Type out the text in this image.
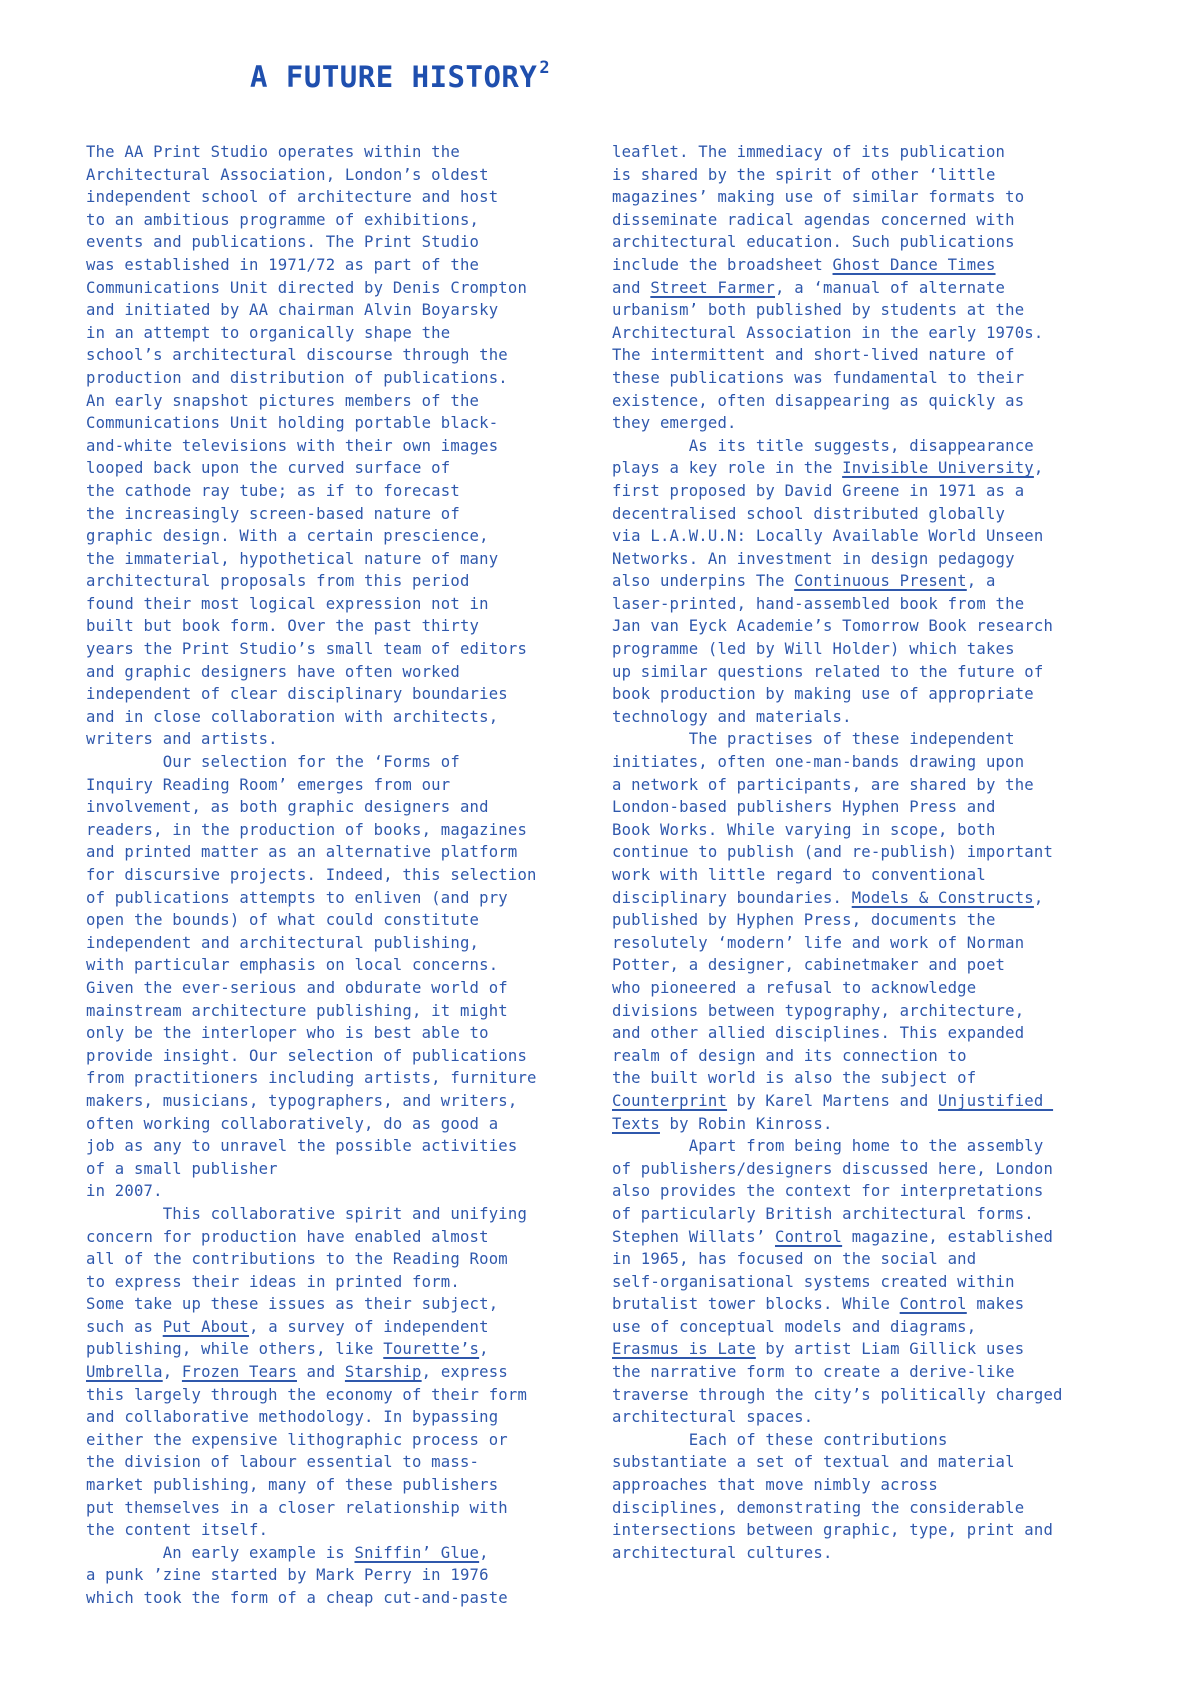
A FUTURE HISTORY $^2$
The AA Print Studio operates within the
Architectural Association, London’s oldest
independent school of architecture and host
to an ambitious programme of exhibitions,
events and publications. The Print Studio
was established in 1971/72 as part of the
Communications Unit directed by Denis Crompton
and initiated by AA chairman Alvin Boyarsky
in an attempt to organically shape the
school’s architectural discourse through the
production and distribution of publications.
An early snapshot pictures members of the
Communications Unit holding portable black-
and-white televisions with their own images
looped back upon the curved surface of
the cathode ray tube; as if to forecast
the increasingly screen-based nature of
graphic design. With a certain prescience,
the immaterial, hypothetical nature of many
architectural proposals from this period
found their most logical expression not in
built but book form. Over the past thirty
years the Print Studio’s small team of editors
and graphic designers have often worked
independent of clear disciplinary boundaries
and in close collaboration with architects,
writers and artists.
Our selection for the ‘Forms of
Inquiry Reading Room’ emerges from our
involvement, as both graphic designers and
readers, in the production of books, magazines
and printed matter as an alternative platform
for discursive projects. Indeed, this selection
of publications attempts to enliven (and pry
open the bounds) of what could constitute
independent and architectural publishing,
with particular emphasis on local concerns.
Given the ever-serious and obdurate world of
mainstream architecture publishing, it might
only be the interloper who is best able to
provide insight. Our selection of publications
from practitioners including artists, furniture
makers, musicians, typographers, and writers,
often working collaboratively, do as good a
job as any to unravel the possible activities
of a small publisher
in 2007.
This collaborative spirit and unifying
concern for production have enabled almost
all of the contributions to the Reading Room
to express their ideas in printed form.
Some take up these issues as their subject,
such as Put About, a survey of independent
publishing, while others, like Tourette’s,
Umbrella, Frozen Tears and Starship, express
this largely through the economy of their form
and collaborative methodology. In bypassing
either the expensive lithographic process or
the division of labour essential to mass-
market publishing, many of these publishers
put themselves in a closer relationship with
the content itself.
An early example is Sniffin’ Glue,
a punk ’zine started by Mark Perry in 1976
which took the form of a cheap cut-and-paste
leaflet. The immediacy of its publication
is shared by the spirit of other ‘little
magazines’ making use of similar formats to
disseminate radical agendas concerned with
architectural education. Such publications
include the broadsheet Ghost Dance Times
and Street Farmer, a ‘manual of alternate
urbanism’ both published by students at the
Architectural Association in the early 1970s.
The intermittent and short-lived nature of
these publications was fundamental to their
existence, often disappearing as quickly as
they emerged.
As its title suggests, disappearance
plays a key role in the Invisible University,
first proposed by David Greene in 1971 as a
decentralised school distributed globally
via L.A.W.U.N: Locally Available World Unseen
Networks. An investment in design pedagogy
also underpins The Continuous Present, a
laser-printed, hand-assembled book from the
Jan van Eyck Academie’s Tomorrow Book research
programme (led by Will Holder) which takes
up similar questions related to the future of
book production by making use of appropriate
technology and materials.
The practises of these independent
initiates, often one-man-bands drawing upon
a network of participants, are shared by the
London-based publishers Hyphen Press and
Book Works. While varying in scope, both
continue to publish (and re-publish) important
work with little regard to conventional
disciplinary boundaries. Models & Constructs,
published by Hyphen Press, documents the
resolutely ‘modern’ life and work of Norman
Potter, a designer, cabinetmaker and poet
who pioneered a refusal to acknowledge
divisions between typography, architecture,
and other allied disciplines. This expanded
realm of design and its connection to
the built world is also the subject of
Counterprint by Karel Martens and Unjustified
Texts by Robin Kinross.
Apart from being home to the assembly
of publishers/designers discussed here, London
also provides the context for interpretations
of particularly British architectural forms.
Stephen Willats’ Control magazine, established
in 1965, has focused on the social and
self-organisational systems created within
brutalist tower blocks. While Control makes
use of conceptual models and diagrams,
Erasmus is Late by artist Liam Gillick uses
the narrative form to create a derive-like
traverse through the city’s politically charged
architectural spaces.
Each of these contributions
substantiate a set of textual and material
approaches that move nimbly across
disciplines, demonstrating the considerable
intersections between graphic, type, print and
architectural cultures.
